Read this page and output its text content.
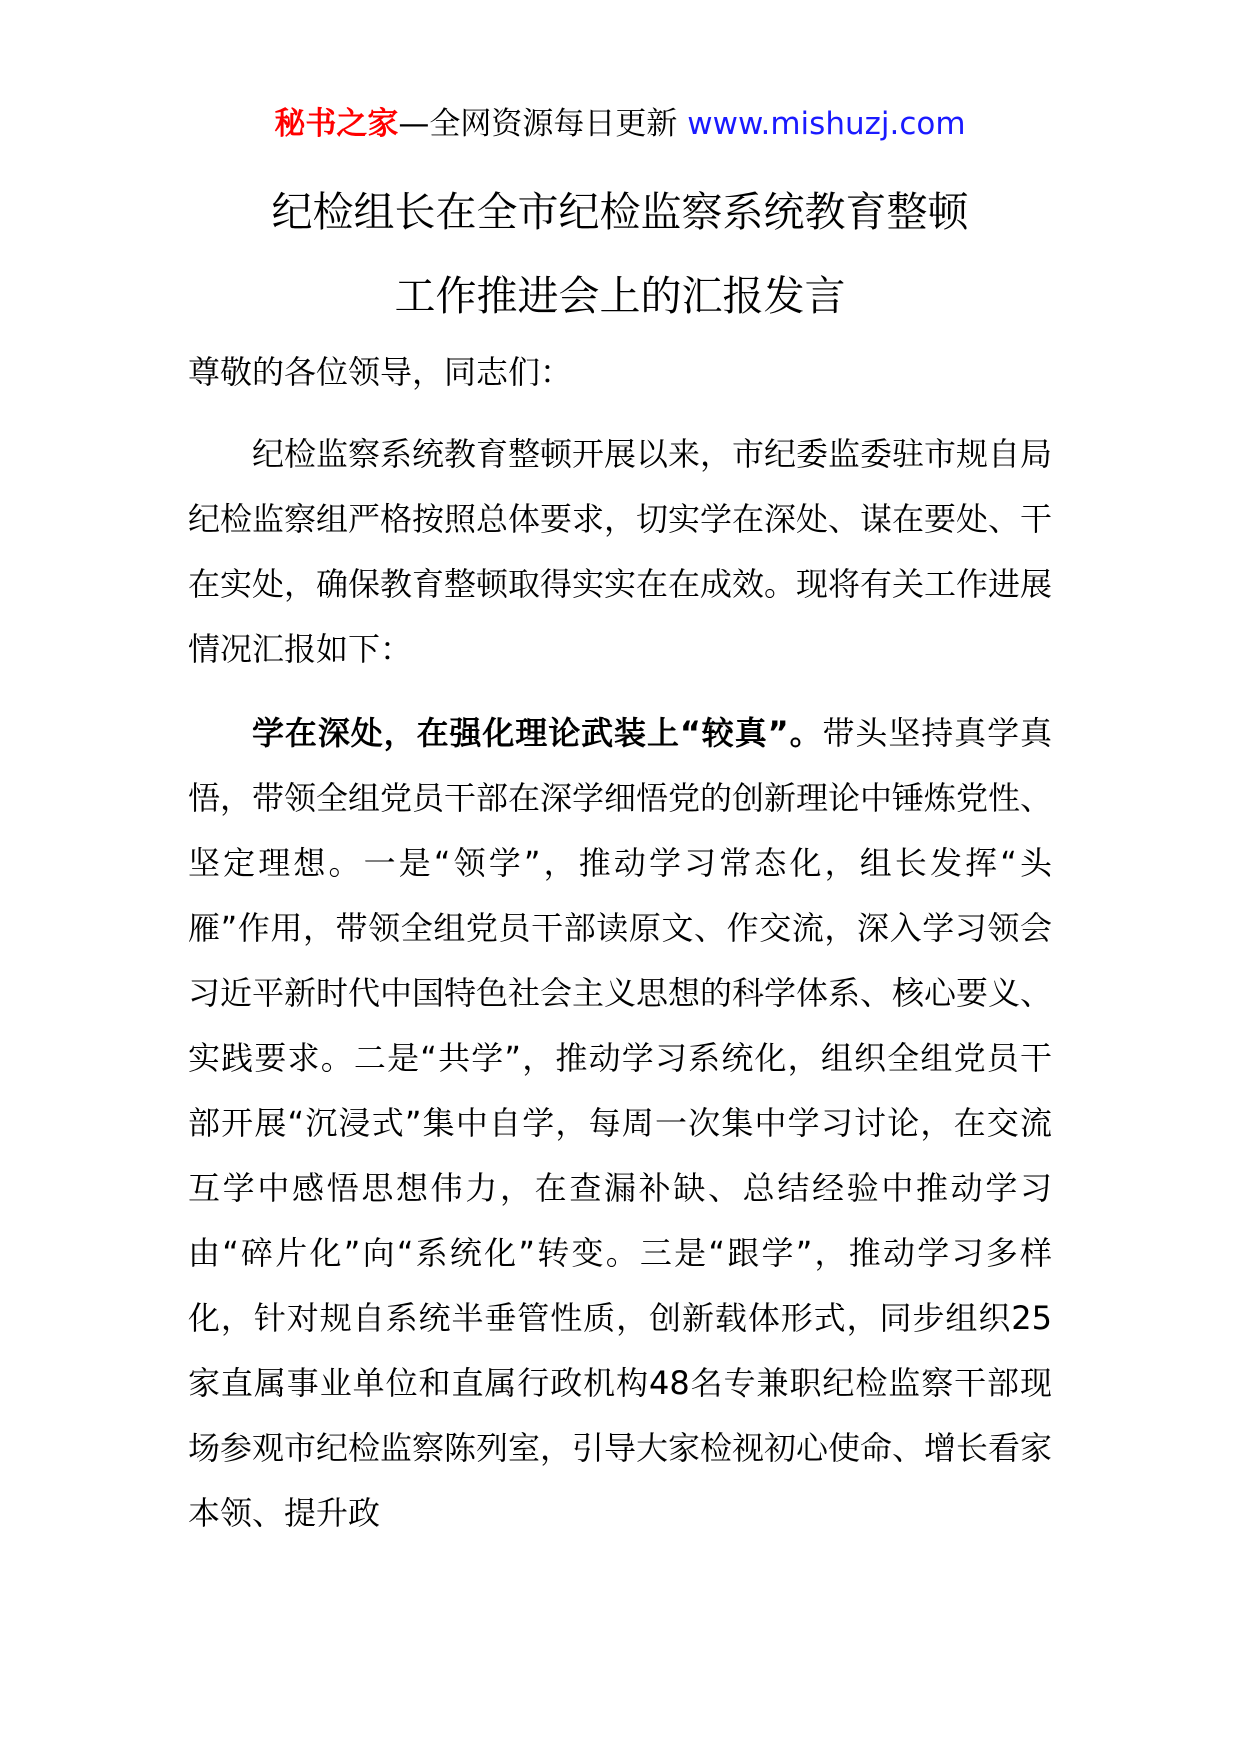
秘书之家—全网资源每日更新 www.mishuzj.com
纪检组长在全市纪检监察系统教育整顿
工作推进会上的汇报发言
尊敬的各位领导，同志们：
纪检监察系统教育整顿开展以来，市纪委监委驻市规自局纪检监察组严格按照总体要求，切实学在深处、谋在要处、干在实处，确保教育整顿取得实实在在成效。现将有关工作进展情况汇报如下：
学在深处，在强化理论武装上“较真”。带头坚持真学真悟，带领全组党员干部在深学细悟党的创新理论中锤炼党性、坚定理想。一是“领学”，推动学习常态化，组长发挥“头雁”作用，带领全组党员干部读原文、作交流，深入学习领会习近平新时代中国特色社会主义思想的科学体系、核心要义、实践要求。二是“共学”，推动学习系统化，组织全组党员干部开展“沉浸式”集中自学，每周一次集中学习讨论，在交流互学中感悟思想伟力，在查漏补缺、总结经验中推动学习由“碎片化”向“系统化”转变。三是“跟学”，推动学习多样化，针对规自系统半垂管性质，创新载体形式，同步组织25家直属事业单位和直属行政机构48名专兼职纪检监察干部现场参观市纪检监察陈列室，引导大家检视初心使命、增长看家本领、提升政
